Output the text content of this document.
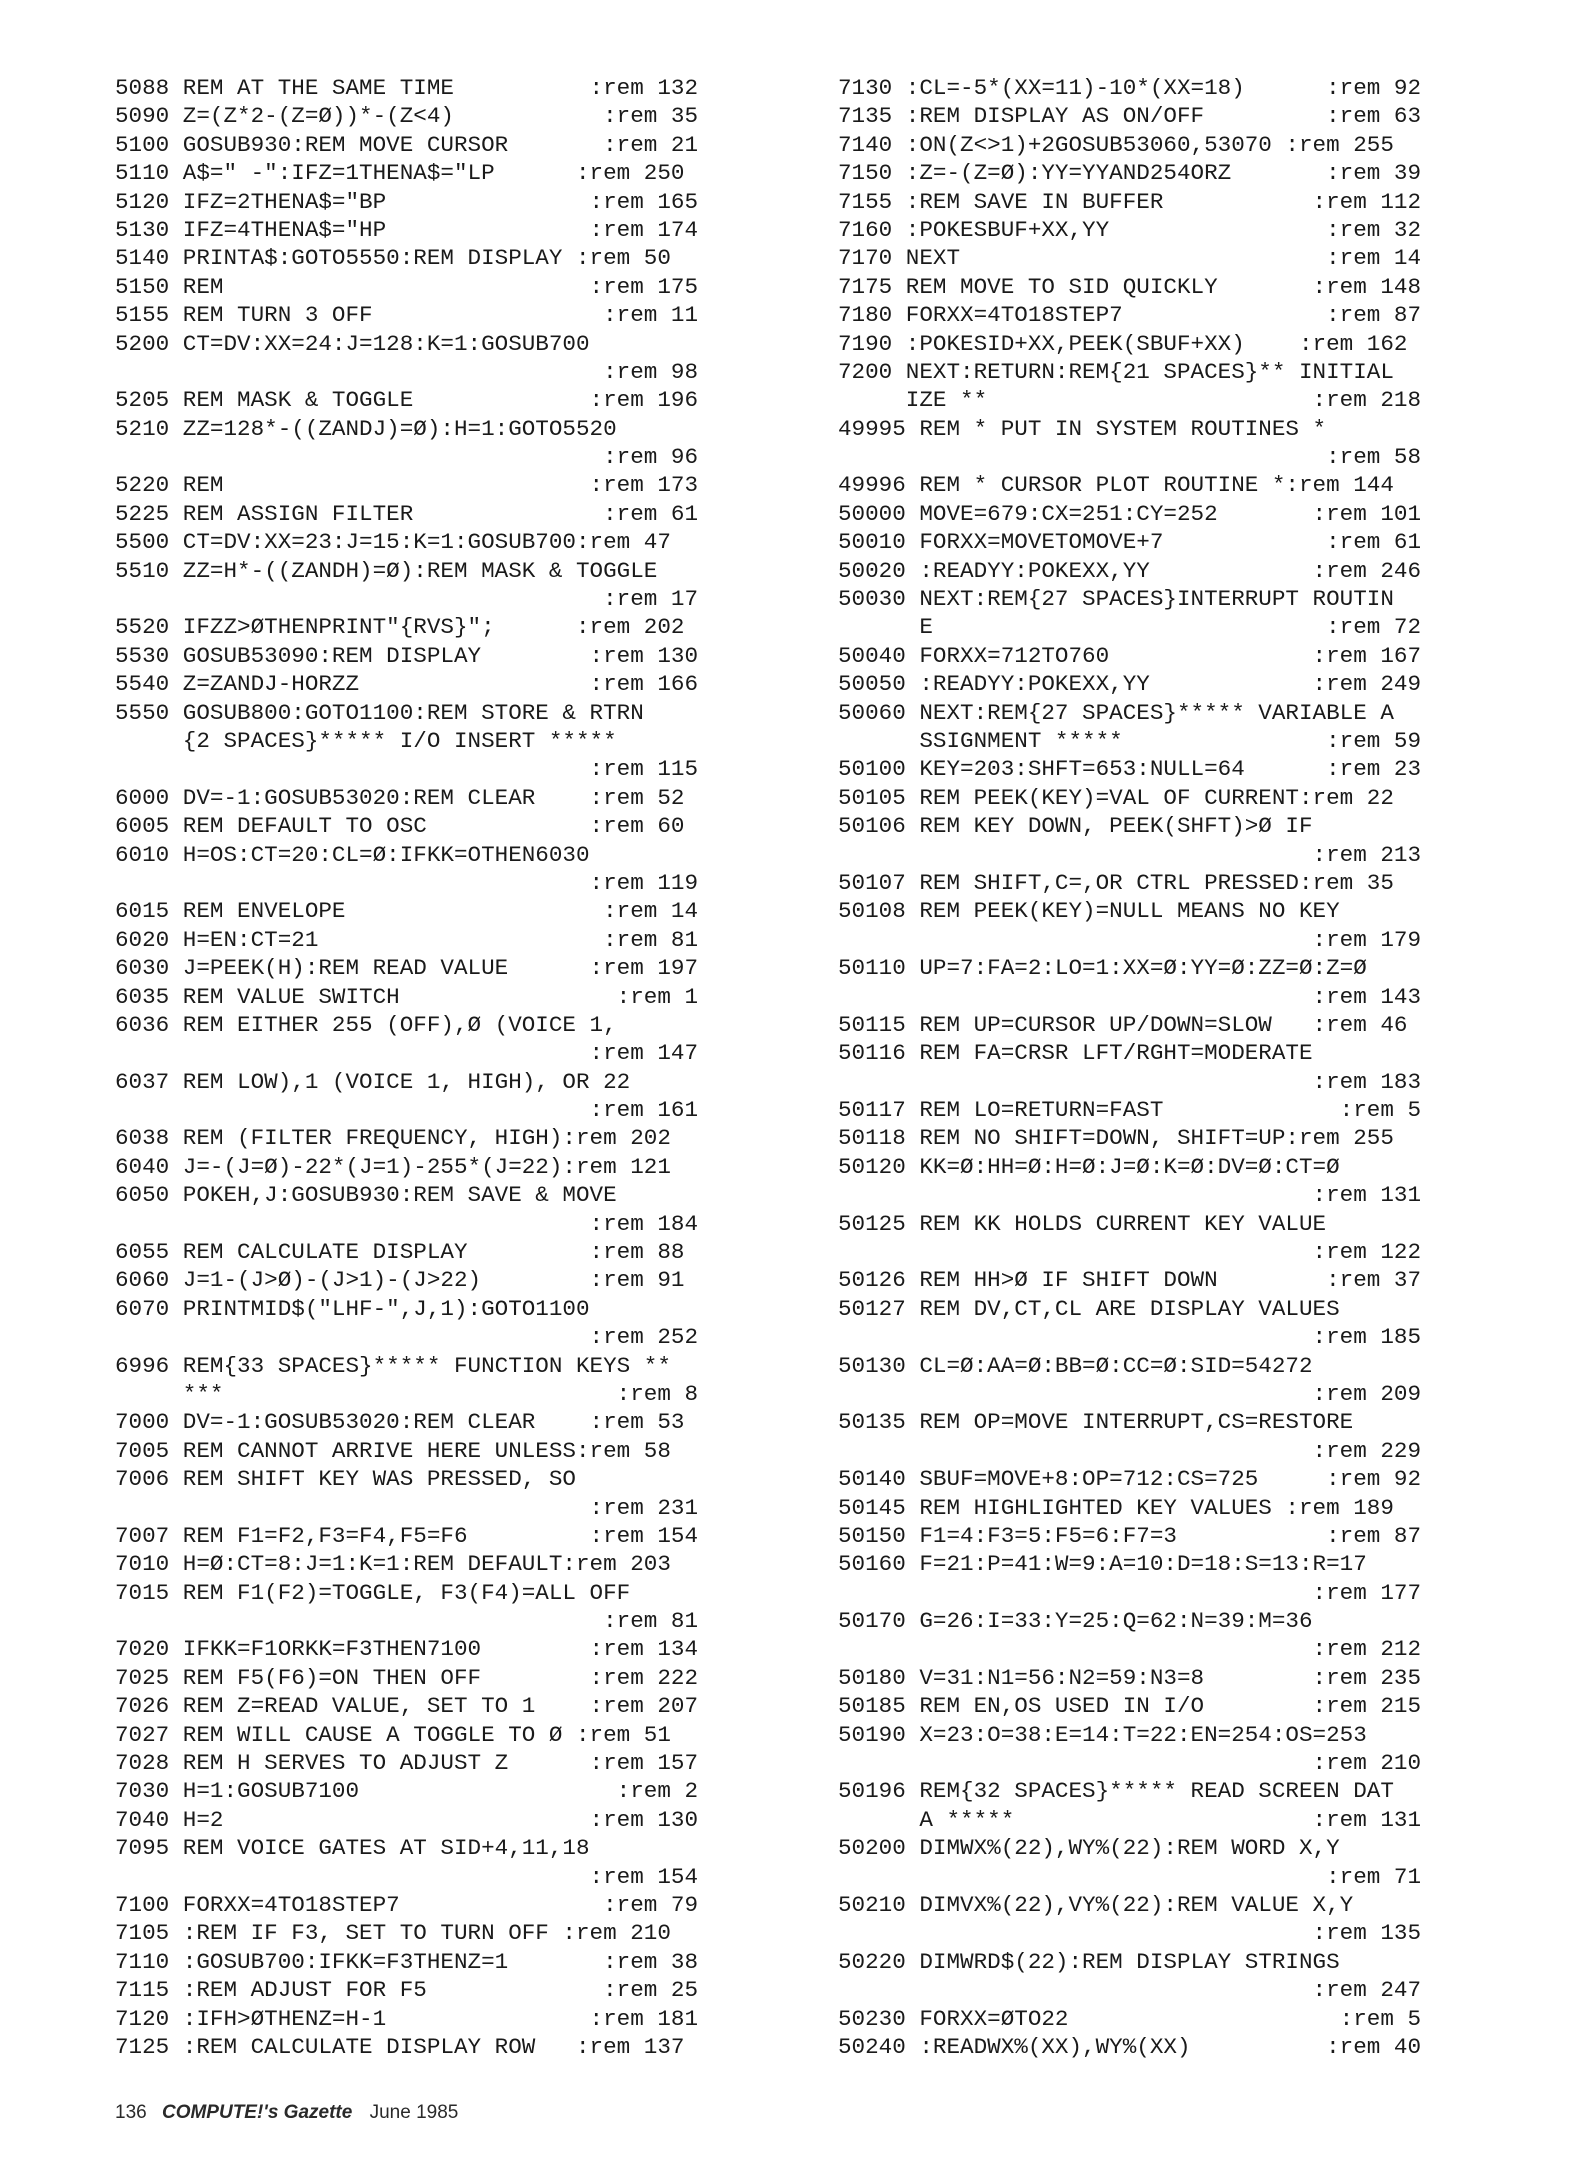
5088 REM AT THE SAME TIME          :rem 132
5090 Z=(Z*2-(Z=Ø))*-(Z<4)           :rem 35
5100 GOSUB930:REM MOVE CURSOR       :rem 21
5110 A$=" -":IFZ=1THENA$="LP      :rem 250
5120 IFZ=2THENA$="BP               :rem 165
5130 IFZ=4THENA$="HP               :rem 174
5140 PRINTA$:GOTO5550:REM DISPLAY :rem 50
5150 REM                           :rem 175
5155 REM TURN 3 OFF                 :rem 11
5200 CT=DV:XX=24:J=128:K=1:GOSUB700
:rem 98
5205 REM MASK & TOGGLE             :rem 196
5210 ZZ=128*-((ZANDJ)=Ø):H=1:GOTO5520
:rem 96
5220 REM                           :rem 173
5225 REM ASSIGN FILTER              :rem 61
5500 CT=DV:XX=23:J=15:K=1:GOSUB700:rem 47
5510 ZZ=H*-((ZANDH)=Ø):REM MASK & TOGGLE
:rem 17
5520 IFZZ>ØTHENPRINT"{RVS}";      :rem 202
5530 GOSUB53090:REM DISPLAY        :rem 130
5540 Z=ZANDJ-HORZZ                 :rem 166
5550 GOSUB800:GOTO1100:REM STORE & RTRN
{2 SPACES}***** I/O INSERT *****
:rem 115
6000 DV=-1:GOSUB53020:REM CLEAR    :rem 52
6005 REM DEFAULT TO OSC            :rem 60
6010 H=OS:CT=20:CL=Ø:IFKK=OTHEN6030
:rem 119
6015 REM ENVELOPE                   :rem 14
6020 H=EN:CT=21                     :rem 81
6030 J=PEEK(H):REM READ VALUE      :rem 197
6035 REM VALUE SWITCH                :rem 1
6036 REM EITHER 255 (OFF),Ø (VOICE 1,
:rem 147
6037 REM LOW),1 (VOICE 1, HIGH), OR 22
:rem 161
6038 REM (FILTER FREQUENCY, HIGH):rem 202
6040 J=-(J=Ø)-22*(J=1)-255*(J=22):rem 121
6050 POKEH,J:GOSUB930:REM SAVE & MOVE
:rem 184
6055 REM CALCULATE DISPLAY         :rem 88
6060 J=1-(J>Ø)-(J>1)-(J>22)        :rem 91
6070 PRINTMID$("LHF-",J,1):GOTO1100
:rem 252
6996 REM{33 SPACES}***** FUNCTION KEYS **
***                             :rem 8
7000 DV=-1:GOSUB53020:REM CLEAR    :rem 53
7005 REM CANNOT ARRIVE HERE UNLESS:rem 58
7006 REM SHIFT KEY WAS PRESSED, SO
:rem 231
7007 REM F1=F2,F3=F4,F5=F6         :rem 154
7010 H=Ø:CT=8:J=1:K=1:REM DEFAULT:rem 203
7015 REM F1(F2)=TOGGLE, F3(F4)=ALL OFF
:rem 81
7020 IFKK=F1ORKK=F3THEN7100        :rem 134
7025 REM F5(F6)=ON THEN OFF        :rem 222
7026 REM Z=READ VALUE, SET TO 1    :rem 207
7027 REM WILL CAUSE A TOGGLE TO Ø :rem 51
7028 REM H SERVES TO ADJUST Z      :rem 157
7030 H=1:GOSUB7100                   :rem 2
7040 H=2                           :rem 130
7095 REM VOICE GATES AT SID+4,11,18
:rem 154
7100 FORXX=4TO18STEP7               :rem 79
7105 :REM IF F3, SET TO TURN OFF :rem 210
7110 :GOSUB700:IFKK=F3THENZ=1       :rem 38
7115 :REM ADJUST FOR F5             :rem 25
7120 :IFH>ØTHENZ=H-1               :rem 181
7125 :REM CALCULATE DISPLAY ROW   :rem 137
7130 :CL=-5*(XX=11)-10*(XX=18)      :rem 92
7135 :REM DISPLAY AS ON/OFF         :rem 63
7140 :ON(Z<>1)+2GOSUB53060,53070 :rem 255
7150 :Z=-(Z=Ø):YY=YYAND254ORZ       :rem 39
7155 :REM SAVE IN BUFFER           :rem 112
7160 :POKESBUF+XX,YY                :rem 32
7170 NEXT                           :rem 14
7175 REM MOVE TO SID QUICKLY       :rem 148
7180 FORXX=4TO18STEP7               :rem 87
7190 :POKESID+XX,PEEK(SBUF+XX)    :rem 162
7200 NEXT:RETURN:REM{21 SPACES}** INITIAL
IZE **                        :rem 218
49995 REM * PUT IN SYSTEM ROUTINES *
:rem 58
49996 REM * CURSOR PLOT ROUTINE *:rem 144
50000 MOVE=679:CX=251:CY=252       :rem 101
50010 FORXX=MOVETOMOVE+7            :rem 61
50020 :READYY:POKEXX,YY            :rem 246
50030 NEXT:REM{27 SPACES}INTERRUPT ROUTIN
E                             :rem 72
50040 FORXX=712TO760               :rem 167
50050 :READYY:POKEXX,YY            :rem 249
50060 NEXT:REM{27 SPACES}***** VARIABLE A
SSIGNMENT *****               :rem 59
50100 KEY=203:SHFT=653:NULL=64      :rem 23
50105 REM PEEK(KEY)=VAL OF CURRENT:rem 22
50106 REM KEY DOWN, PEEK(SHFT)>Ø IF
:rem 213
50107 REM SHIFT,C=,OR CTRL PRESSED:rem 35
50108 REM PEEK(KEY)=NULL MEANS NO KEY
:rem 179
50110 UP=7:FA=2:LO=1:XX=Ø:YY=Ø:ZZ=Ø:Z=Ø
:rem 143
50115 REM UP=CURSOR UP/DOWN=SLOW   :rem 46
50116 REM FA=CRSR LFT/RGHT=MODERATE
:rem 183
50117 REM LO=RETURN=FAST             :rem 5
50118 REM NO SHIFT=DOWN, SHIFT=UP:rem 255
50120 KK=Ø:HH=Ø:H=Ø:J=Ø:K=Ø:DV=Ø:CT=Ø
:rem 131
50125 REM KK HOLDS CURRENT KEY VALUE
:rem 122
50126 REM HH>Ø IF SHIFT DOWN        :rem 37
50127 REM DV,CT,CL ARE DISPLAY VALUES
:rem 185
50130 CL=Ø:AA=Ø:BB=Ø:CC=Ø:SID=54272
:rem 209
50135 REM OP=MOVE INTERRUPT,CS=RESTORE
:rem 229
50140 SBUF=MOVE+8:OP=712:CS=725     :rem 92
50145 REM HIGHLIGHTED KEY VALUES :rem 189
50150 F1=4:F3=5:F5=6:F7=3           :rem 87
50160 F=21:P=41:W=9:A=10:D=18:S=13:R=17
:rem 177
50170 G=26:I=33:Y=25:Q=62:N=39:M=36
:rem 212
50180 V=31:N1=56:N2=59:N3=8        :rem 235
50185 REM EN,OS USED IN I/O        :rem 215
50190 X=23:O=38:E=14:T=22:EN=254:OS=253
:rem 210
50196 REM{32 SPACES}***** READ SCREEN DAT
A *****                      :rem 131
50200 DIMWX%(22),WY%(22):REM WORD X,Y
:rem 71
50210 DIMVX%(22),VY%(22):REM VALUE X,Y
:rem 135
50220 DIMWRD$(22):REM DISPLAY STRINGS
:rem 247
50230 FORXX=ØTO22                    :rem 5
50240 :READWX%(XX),WY%(XX)          :rem 40
136 COMPUTE!'s Gazette June 1985
